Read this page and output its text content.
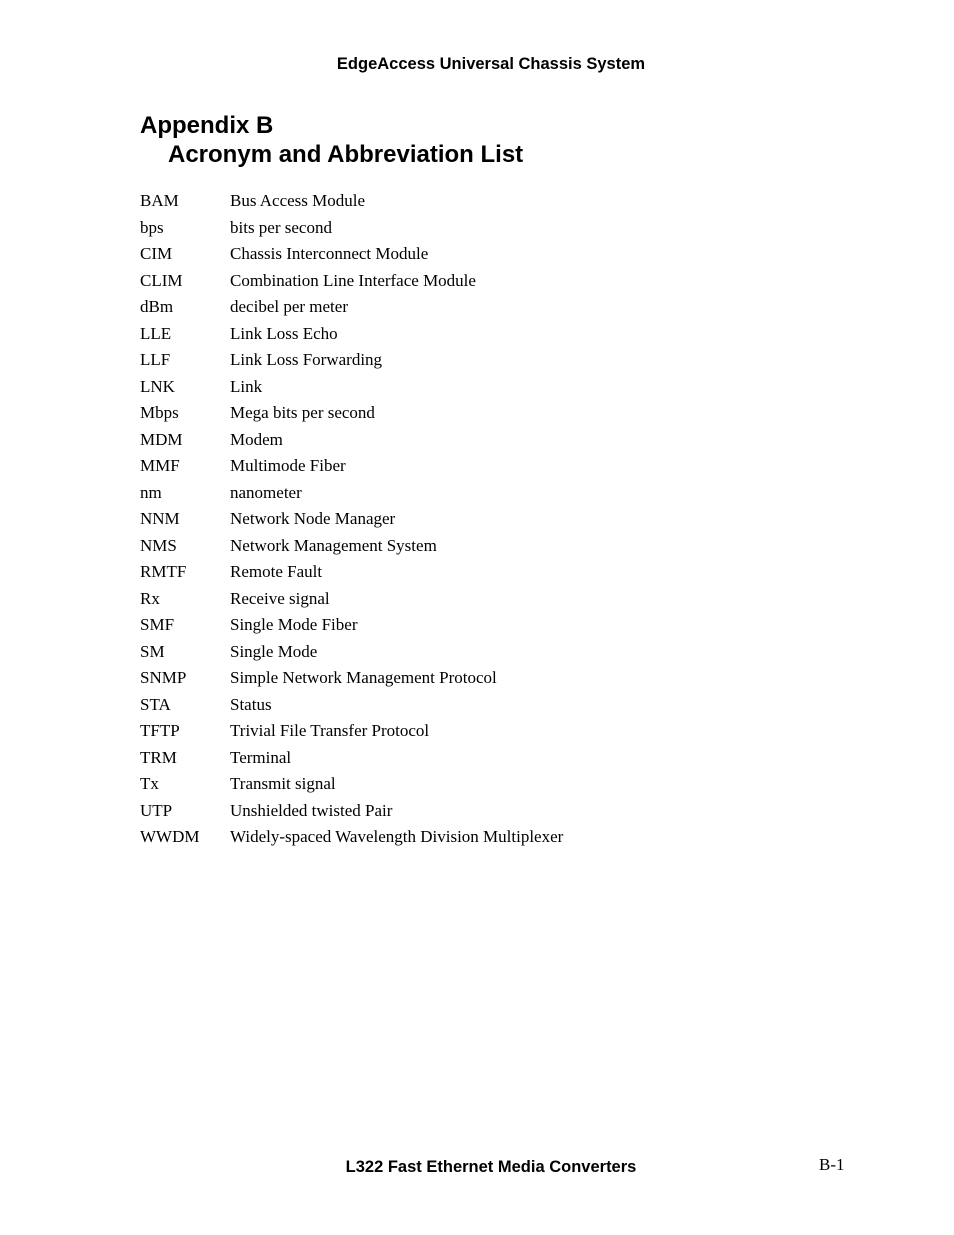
EdgeAccess Universal Chassis System
Appendix B
Acronym and Abbreviation List
BAM	Bus Access Module
bps	bits per second
CIM	Chassis Interconnect Module
CLIM	Combination Line Interface Module
dBm	decibel per meter
LLE	Link Loss Echo
LLF	Link Loss Forwarding
LNK	Link
Mbps	Mega bits per second
MDM	Modem
MMF	Multimode Fiber
nm	nanometer
NNM	Network Node Manager
NMS	Network Management System
RMTF	Remote Fault
Rx	Receive signal
SMF	Single Mode Fiber
SM	Single Mode
SNMP	Simple Network Management Protocol
STA	Status
TFTP	Trivial File Transfer Protocol
TRM	Terminal
Tx	Transmit signal
UTP	Unshielded twisted Pair
WWDM	Widely-spaced Wavelength Division Multiplexer
L322 Fast Ethernet Media Converters	B-1
